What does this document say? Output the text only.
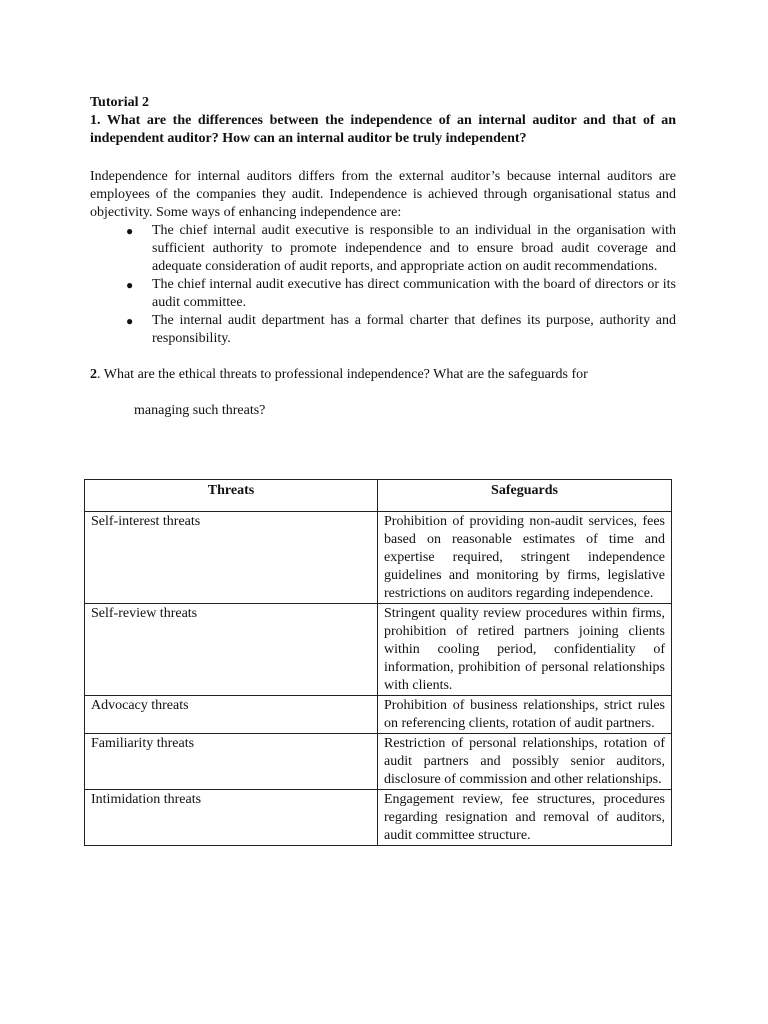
Tutorial 2
1. What are the differences between the independence of an internal auditor and that of an independent auditor? How can an internal auditor be truly independent?
Independence for internal auditors differs from the external auditor’s because internal auditors are employees of the companies they audit. Independence is achieved through organisational status and objectivity. Some ways of enhancing independence are:
● The chief internal audit executive is responsible to an individual in the organisation with sufficient authority to promote independence and to ensure broad audit coverage and adequate consideration of audit reports, and appropriate action on audit recommendations.
● The chief internal audit executive has direct communication with the board of directors or its audit committee.
● The internal audit department has a formal charter that defines its purpose, authority and responsibility.
2. What are the ethical threats to professional independence? What are the safeguards for
managing such threats?
Threats	Safeguards
Self-interest threats	Prohibition of providing non-audit services, fees based on reasonable estimates of time and expertise required, stringent independence guidelines and monitoring by firms, legislative restrictions on auditors regarding independence.
Self-review threats	Stringent quality review procedures within firms, prohibition of retired partners joining clients within cooling period, confidentiality of information, prohibition of personal relationships with clients.
Advocacy threats	Prohibition of business relationships, strict rules on referencing clients, rotation of audit partners.
Familiarity threats	Restriction of personal relationships, rotation of audit partners and possibly senior auditors, disclosure of commission and other relationships.
Intimidation threats	Engagement review, fee structures, procedures regarding resignation and removal of auditors, audit committee structure.
